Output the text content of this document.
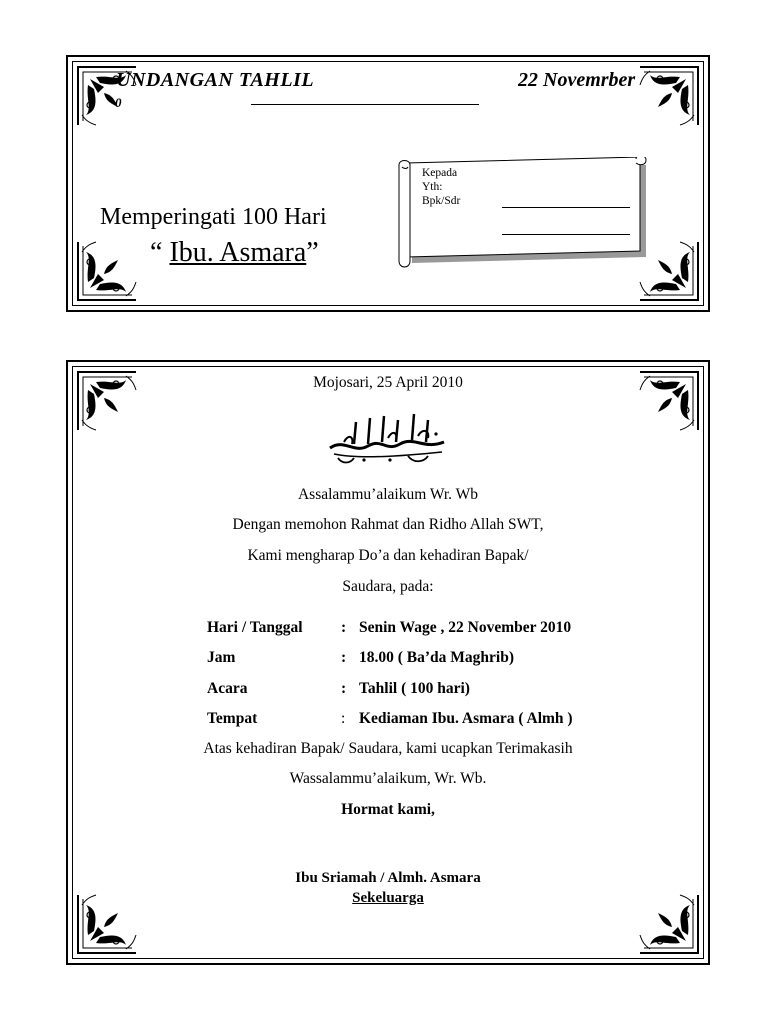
UNDANGAN TAHLIL	22 Novemrber
0
Memperingati 100 Hari
“ Ibu. Asmara”
Kepada
Yth:
Bpk/Sdr
Mojosari, 25 April 2010
Assalammu’alaikum Wr. Wb
Dengan memohon Rahmat dan Ridho Allah SWT,
Kami mengharap Do’a dan kehadiran Bapak/
Saudara, pada:
Hari / Tanggal : Senin Wage , 22 November 2010
Jam	: 18.00 ( Ba’da Maghrib)
Acara	: Tahlil ( 100 hari)
Tempat	: Kediaman Ibu. Asmara ( Almh )
Atas kehadiran Bapak/ Saudara, kami ucapkan Terimakasih
Wassalammu’alaikum, Wr. Wb.
Hormat kami,
Ibu Sriamah / Almh. Asmara
Sekeluarga
